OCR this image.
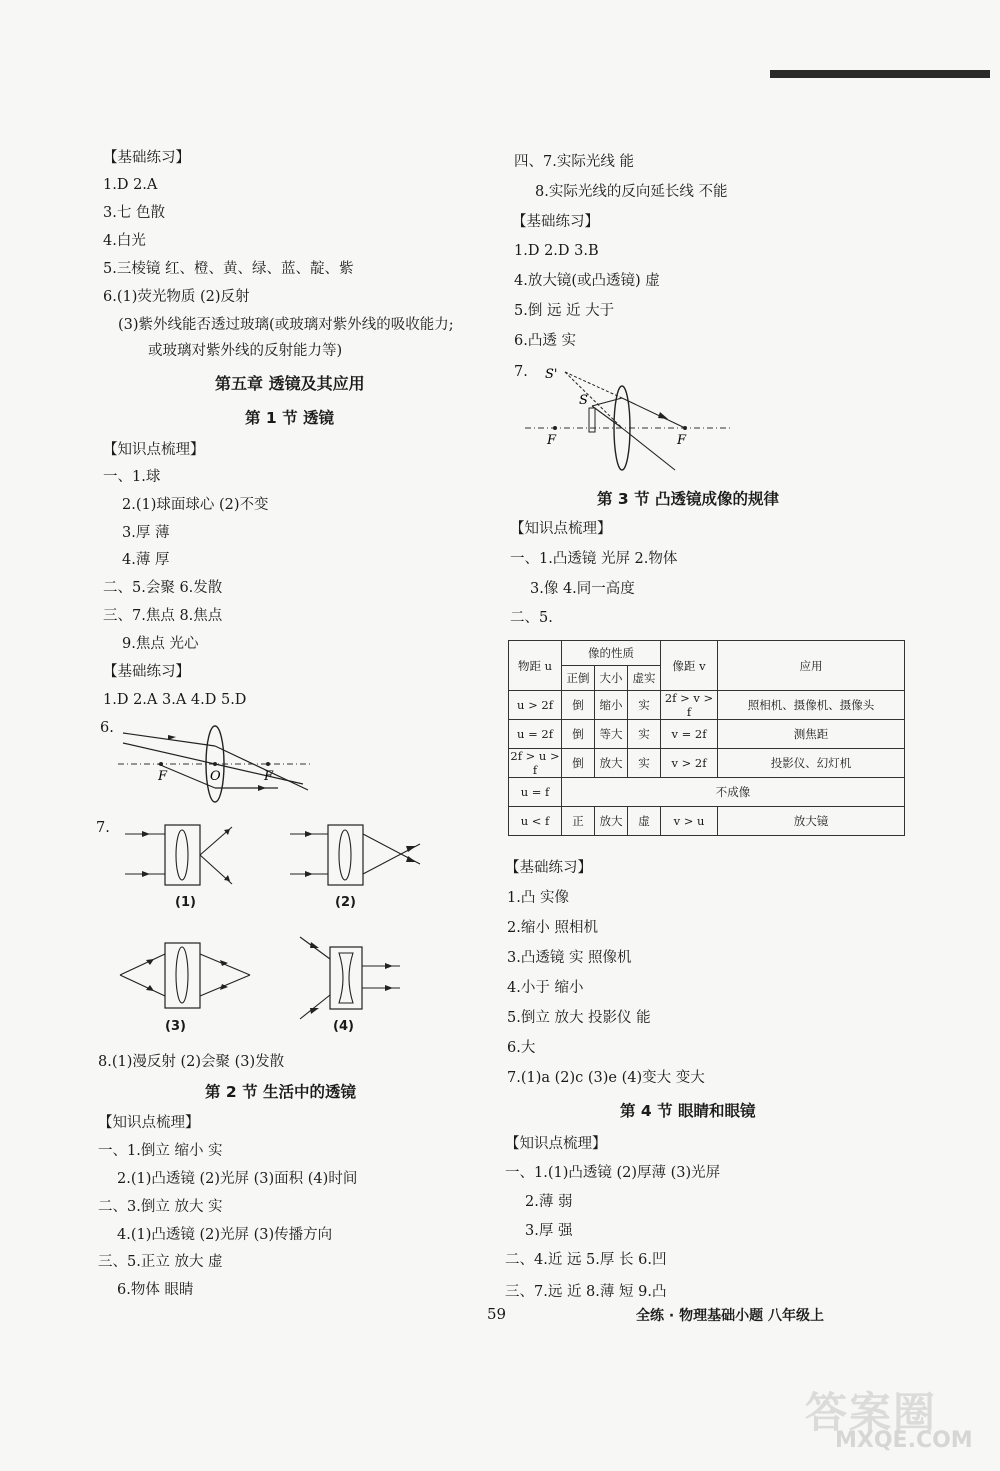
【基础练习】
1.D 2.A
3.七 色散
4.白光
5.三棱镜 红、橙、黄、绿、蓝、靛、紫
6.(1)荧光物质 (2)反射
(3)紫外线能否透过玻璃(或玻璃对紫外线的吸收能力;
或玻璃对紫外线的反射能力等)
第五章 透镜及其应用
第 1 节 透镜
【知识点梳理】
一、1.球
2.(1)球面球心 (2)不变
3.厚 薄
4.薄 厚
二、5.会聚 6.发散
三、7.焦点 8.焦点
9.焦点 光心
【基础练习】
1.D 2.A 3.A 4.D 5.D
6.
F	O	F
7.
(1)	(2)
(3)	(4)
8.(1)漫反射 (2)会聚 (3)发散
第 2 节 生活中的透镜
【知识点梳理】
一、1.倒立 缩小 实
2.(1)凸透镜 (2)光屏 (3)面积 (4)时间
二、3.倒立 放大 实
4.(1)凸透镜 (2)光屏 (3)传播方向
三、5.正立 放大 虚
6.物体 眼睛
四、7.实际光线 能
8.实际光线的反向延长线 不能
【基础练习】
1.D 2.D 3.B
4.放大镜(或凸透镜) 虚
5.倒 远 近 大于
6.凸透 实
7. S'
S
F	F
第 3 节 凸透镜成像的规律
【知识点梳理】
一、1.凸透镜 光屏 2.物体
3.像 4.同一高度
二、5.
物距 u	像的性质			像距 v	应用
	正倒	大小	虚实		
u > 2f	倒	缩小	实	2f > v > f	照相机、摄像机、摄像头
u = 2f	倒	等大	实	v = 2f	测焦距
2f > u > f	倒	放大	实	v > 2f	投影仪、幻灯机
u = f	不成像				
u < f	正	放大	虚	v > u	放大镜
【基础练习】
1.凸 实像
2.缩小 照相机
3.凸透镜 实 照像机
4.小于 缩小
5.倒立 放大 投影仪 能
6.大
7.(1)a (2)c (3)e (4)变大 变大
第 4 节 眼睛和眼镜
【知识点梳理】
一、1.(1)凸透镜 (2)厚薄 (3)光屏
2.薄 弱
3.厚 强
二、4.近 远 5.厚 长 6.凹
三、7.远 近 8.薄 短 9.凸
59	全练 · 物理基础小题 八年级上
答案圈
MXQE.COM
